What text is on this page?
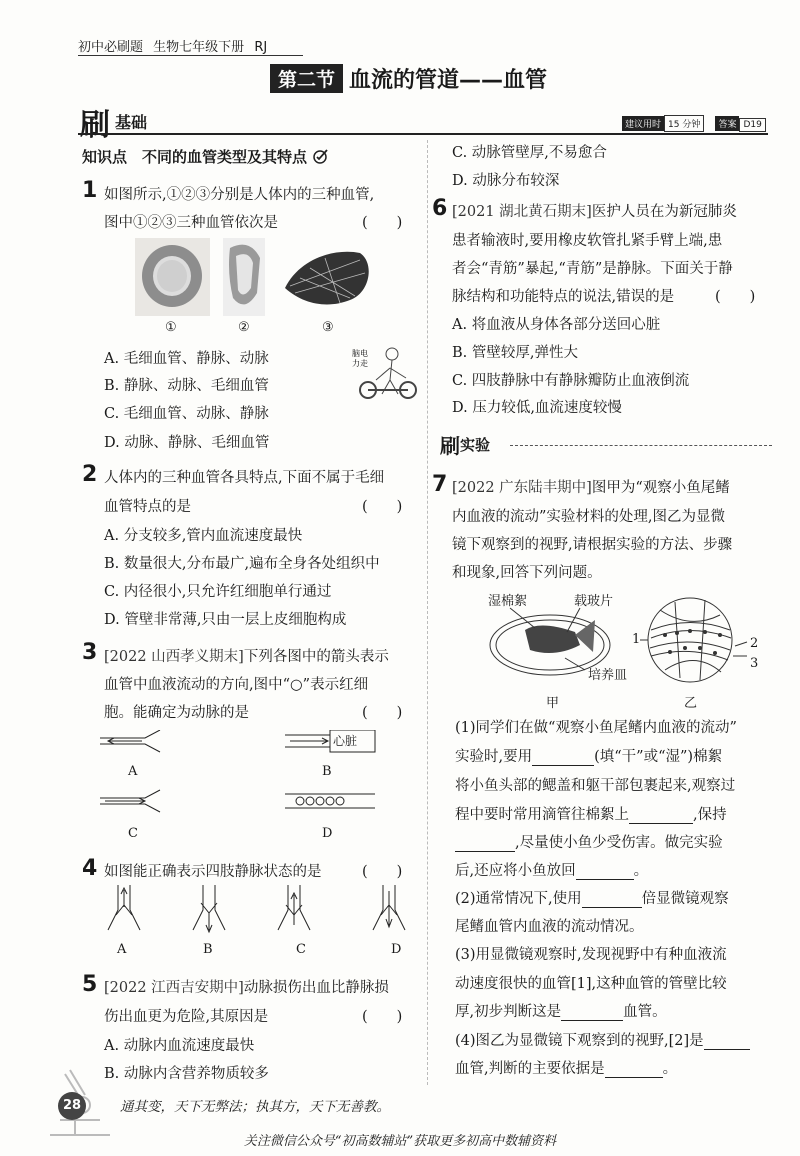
初中必刷题 生物七年级下册 RJ
第二节 血流的管道——血管
刷 基础	建议用时 15 分钟 答案 D19
知识点　不同的血管类型及其特点
1 如图所示,①②③分别是人体内的三种血管,
图中①②③三种血管依次是	(　　)
①	②	③
脑电
力走
A. 毛细血管、静脉、动脉
B. 静脉、动脉、毛细血管
C. 毛细血管、动脉、静脉
D. 动脉、静脉、毛细血管
2 人体内的三种血管各具特点,下面不属于毛细
血管特点的是	(　　)
A. 分支较多,管内血流速度最快
B. 数量很大,分布最广,遍布全身各处组织中
C. 内径很小,只允许红细胞单行通过
D. 管壁非常薄,只由一层上皮细胞构成
3 [2022 山西孝义期末]下列各图中的箭头表示
血管中血液流动的方向,图中“○”表示红细
胞。能确定为动脉的是	(　　)
心脏
A	B
C	D
4 如图能正确表示四肢静脉状态的是	(　　)
A	B	C	D
5 [2022 江西吉安期中]动脉损伤出血比静脉损
伤出血更为危险,其原因是	(　　)
A. 动脉内血流速度最快
B. 动脉内含营养物质较多
C. 动脉管壁厚,不易愈合
D. 动脉分布较深
6 [2021 湖北黄石期末]医护人员在为新冠肺炎
患者输液时,要用橡皮软管扎紧手臂上端,患
者会“青筋”暴起,“青筋”是静脉。下面关于静
脉结构和功能特点的说法,错误的是	(　　)
A. 将血液从身体各部分送回心脏
B. 管壁较厚,弹性大
C. 四肢静脉中有静脉瓣防止血液倒流
D. 压力较低,血流速度较慢
刷 实验
7 [2022 广东陆丰期中]图甲为“观察小鱼尾鳍
内血液的流动”实验材料的处理,图乙为显微
镜下观察到的视野,请根据实验的方法、步骤
和现象,回答下列问题。
湿棉絮	载玻片
培养皿
甲	乙
1	2
3
(1)同学们在做“观察小鱼尾鳍内血液的流动”
实验时,要用	(填“干”或“湿”)棉絮
将小鱼头部的鳃盖和躯干部包裹起来,观察过
程中要时常用滴管往棉絮上	,保持
,尽量使小鱼少受伤害。做完实验
后,还应将小鱼放回	。
(2)通常情况下,使用	倍显微镜观察
尾鳍血管内血液的流动情况。
(3)用显微镜观察时,发现视野中有种血液流
动速度很快的血管[1],这种血管的管壁比较
厚,初步判断这是	血管。
(4)图乙为显微镜下观察到的视野,[2]是
血管,判断的主要依据是	。
28	通其变，天下无弊法；执其方，天下无善教。
关注微信公众号“初高数辅站”获取更多初高中数辅资料
